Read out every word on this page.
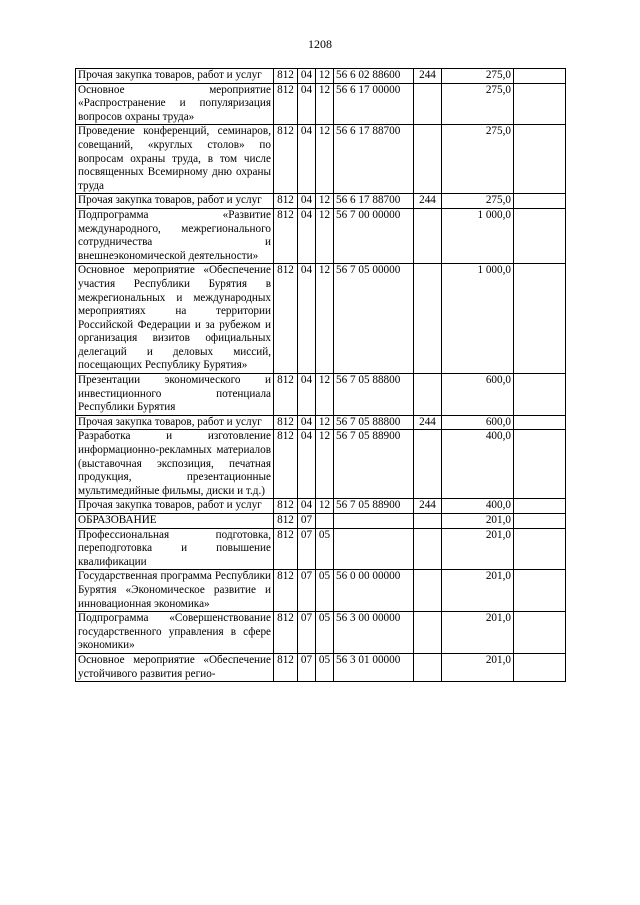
1208
Прочая закупка товаров, работ и услуг	812	04	12	56 6 02 88600	244	275,0	
Основное мероприятие «Распространение и популяризация вопросов охраны труда»	812	04	12	56 6 17 00000		275,0	
Проведение конференций, семинаров, совещаний, «круглых столов» по вопросам охраны труда, в том числе посвященных Всемирному дню охраны труда	812	04	12	56 6 17 88700		275,0	
Прочая закупка товаров, работ и услуг	812	04	12	56 6 17 88700	244	275,0	
Подпрограмма «Развитие международного, межрегионального сотрудничества и внешнеэкономической деятельности»	812	04	12	56 7 00 00000		1 000,0	
Основное мероприятие «Обеспечение участия Республики Бурятия в межрегиональных и международных мероприятиях на территории Российской Федерации и за рубежом и организация визитов официальных делегаций и деловых миссий, посещающих Республику Бурятия»	812	04	12	56 7 05 00000		1 000,0	
Презентации экономического и инвестиционного потенциала Республики Бурятия	812	04	12	56 7 05 88800		600,0	
Прочая закупка товаров, работ и услуг	812	04	12	56 7 05 88800	244	600,0	
Разработка и изготовление информационно-рекламных материалов (выставочная экспозиция, печатная продукция, презентационные мультимедийные фильмы, диски и т.д.)	812	04	12	56 7 05 88900		400,0	
Прочая закупка товаров, работ и услуг	812	04	12	56 7 05 88900	244	400,0	
ОБРАЗОВАНИЕ	812	07				201,0	
Профессиональная подготовка, переподготовка и повышение квалификации	812	07	05			201,0	
Государственная программа Республики Бурятия «Экономическое развитие и инновационная экономика»	812	07	05	56 0 00 00000		201,0	
Подпрограмма «Совершенствование государственного управления в сфере экономики»	812	07	05	56 3 00 00000		201,0	
Основное мероприятие «Обеспечение устойчивого развития регио-	812	07	05	56 3 01 00000		201,0	
